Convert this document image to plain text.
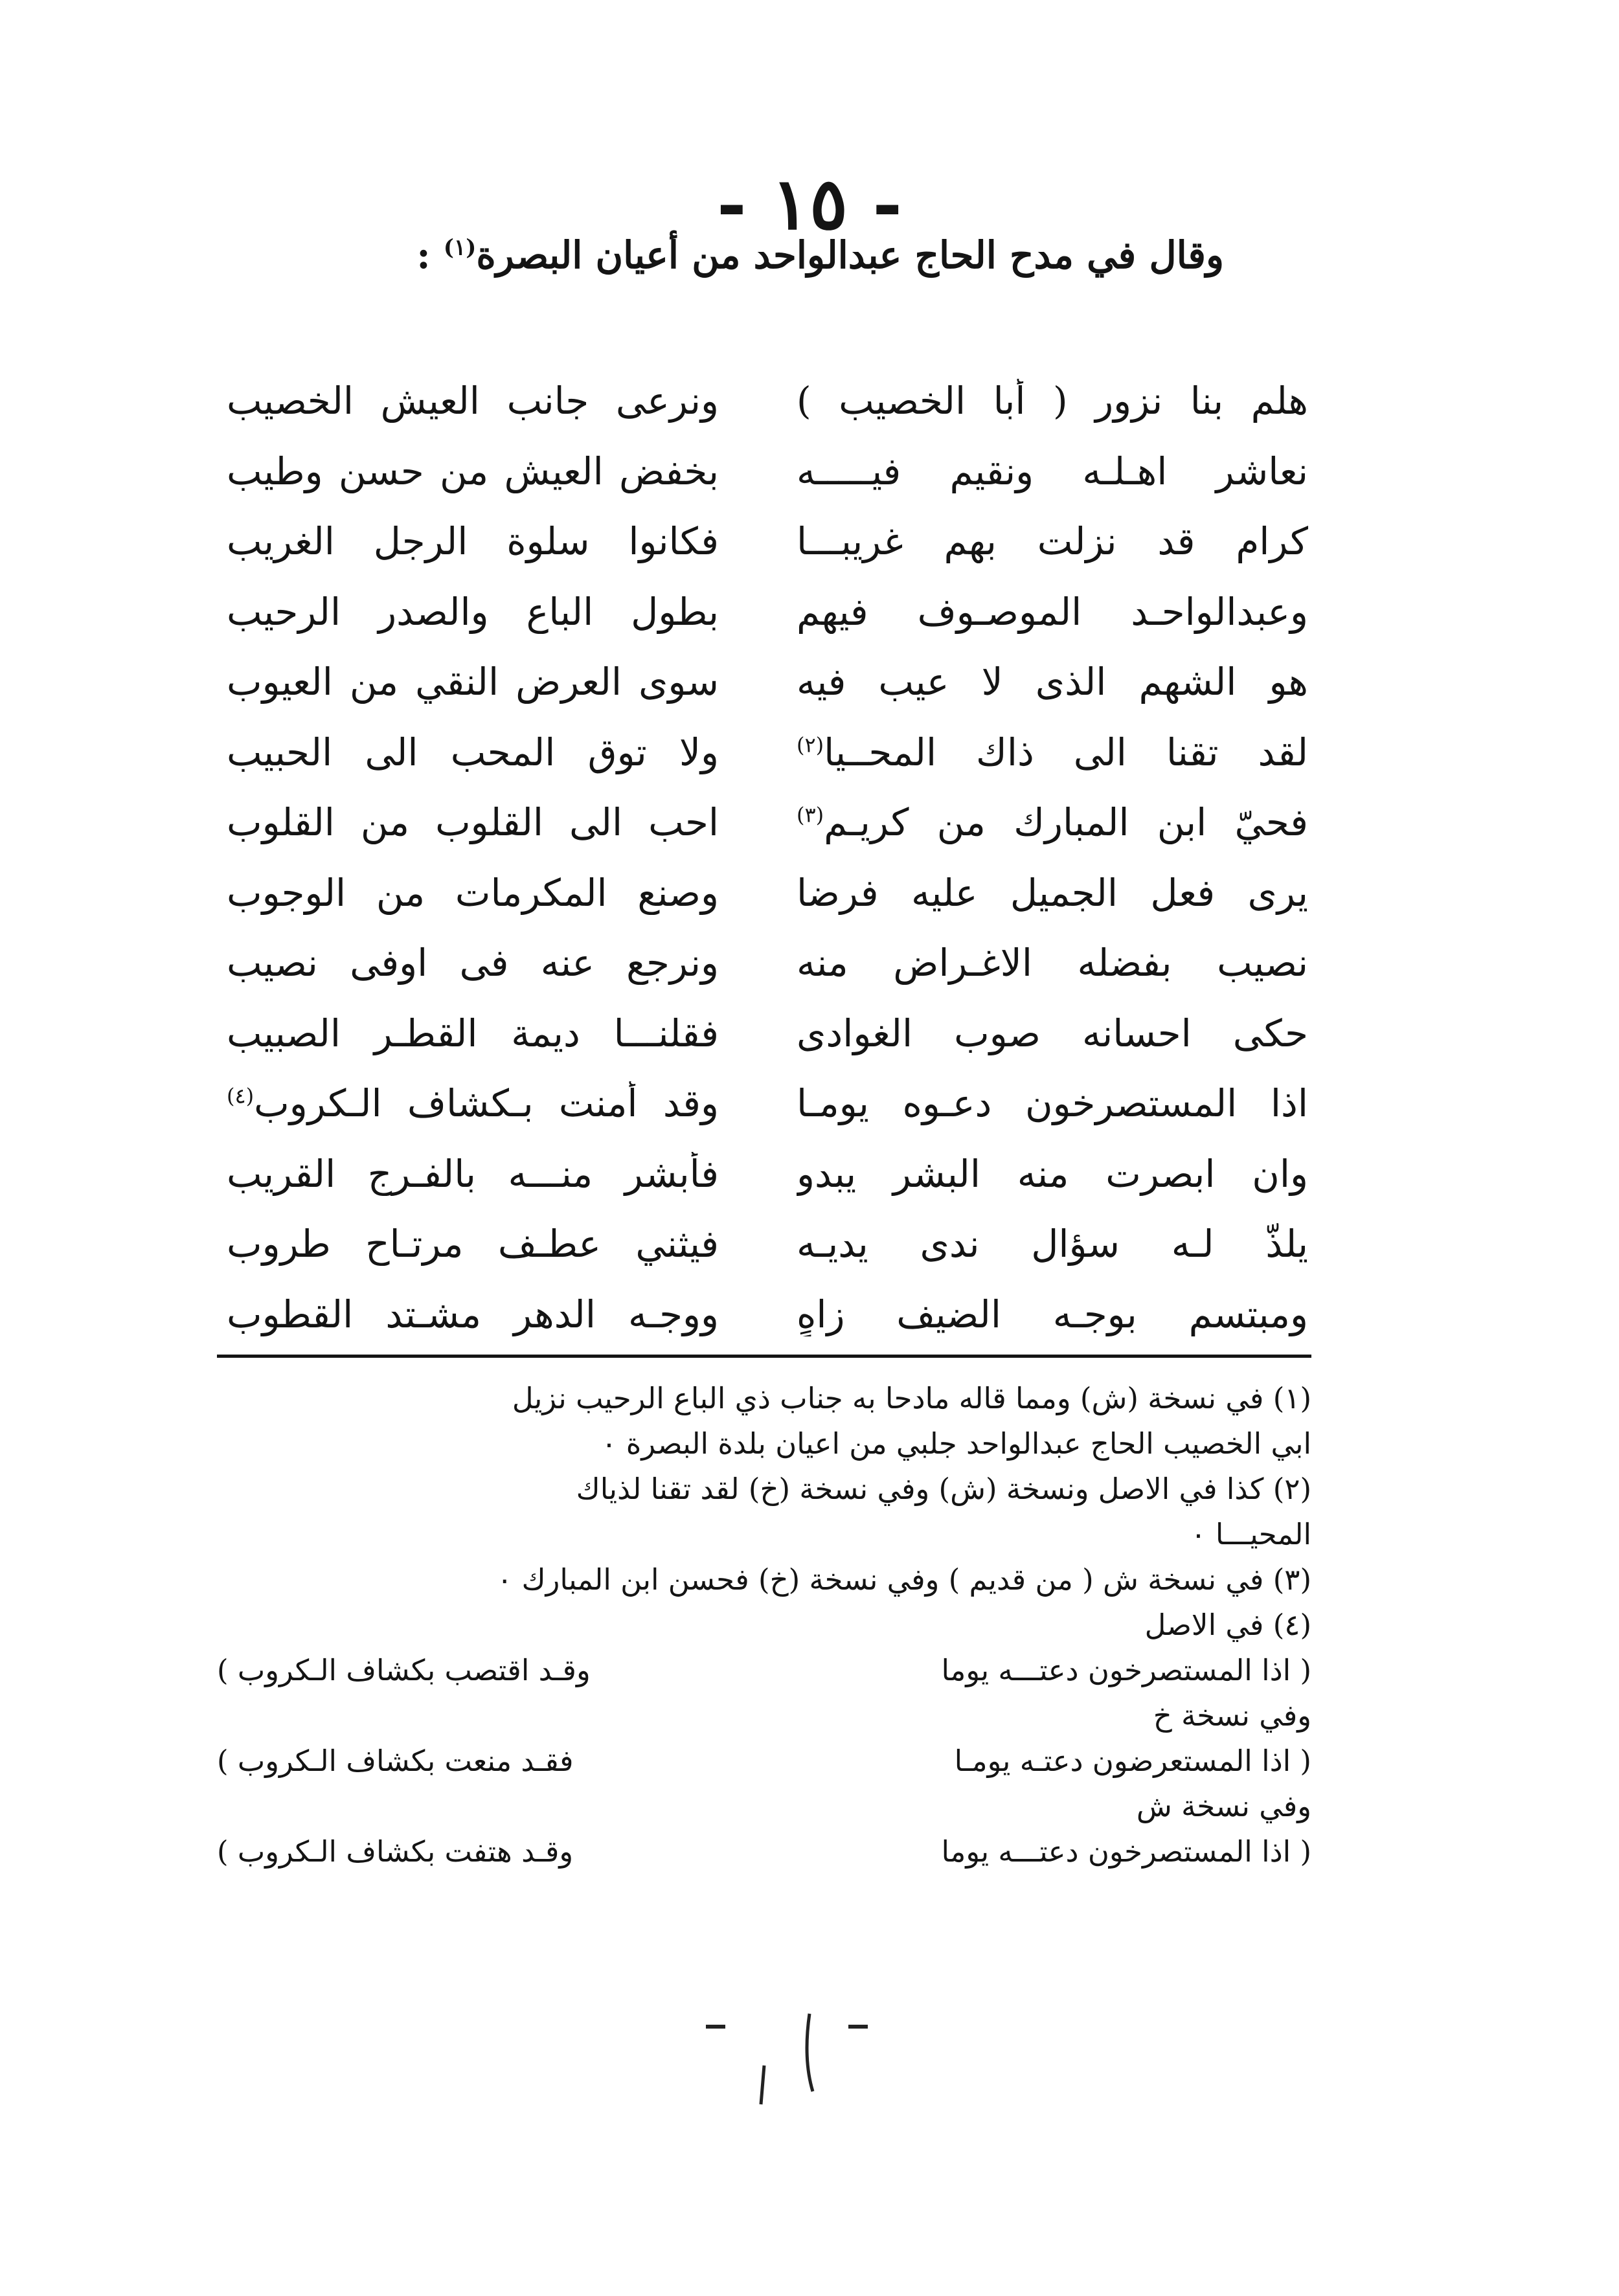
- ١٥ -
وقال في مدح الحاج عبدالواحد من أعيان البصرة$^{(١)}$ :
هلم بنا نزور ( أبا الخصيب )
ونرعى جانب العيش الخصيب
نعاشر اهـلـه ونقيم فيـــــه
بخفض العيش من حسن وطيب
كرام قد نزلت بهم غريبـــا
فكانوا سلوة الرجل الغريب
وعبدالواحـد الموصـوف فيهم
بطول الباع والصدر الرحيب
هو الشهم الذى لا عيب فيه
سوى العرض النقي من العيوب
لقد تقنا الى ذاك المحــيا$^{(٢)}$
ولا توق المحب الى الحبيب
فحيّ ابن المبارك من كريـم$^{(٣)}$
احب الى القلوب من القلوب
يرى فعل الجميل عليه فرضا
وصنع المكرمات من الوجوب
نصيب بفضله الاغـراض منه
ونرجع عنه فى اوفى نصيب
حكى احسانه صوب الغوادى
فقلنـــا ديمة القطـر الصبيب
اذا المستصرخون دعـوه يومـا
وقد أمنت بـكشاف الـكروب$^{(٤)}$
وان ابصرت منه البشر يبدو
فأبشر منـــه بالفـرج القريب
يلذّ لـه سؤال ندى يديـه
فيثني عطـف مرتـاح طروب
ومبتسم بوجـه الضيف زاهٍ
ووجـه الدهر مشـتد القطوب
(١) في نسخة (ش) ومما قاله مادحا به جناب ذي الباع الرحيب نزيل
ابي الخصيب الحاج عبدالواحد جلبي من اعيان بلدة البصرة ٠
(٢) كذا في الاصل ونسخة (ش) وفي نسخة (خ) لقد تقنا لذياك
المحيـــا ٠
(٣) في نسخة ش ( من قديم ) وفي نسخة (خ) فحسن ابن المبارك ٠
(٤) في الاصل
( اذا المستصرخون دعتـــه يوما
وقـد اقتصب بكشاف الـكروب )
وفي نسخة خ
( اذا المستعرضون دعتـه يومـا
فقـد منعت بكشاف الـكروب )
وفي نسخة ش
( اذا المستصرخون دعتـــه يوما
وقـد هتفت بكشاف الـكروب )
